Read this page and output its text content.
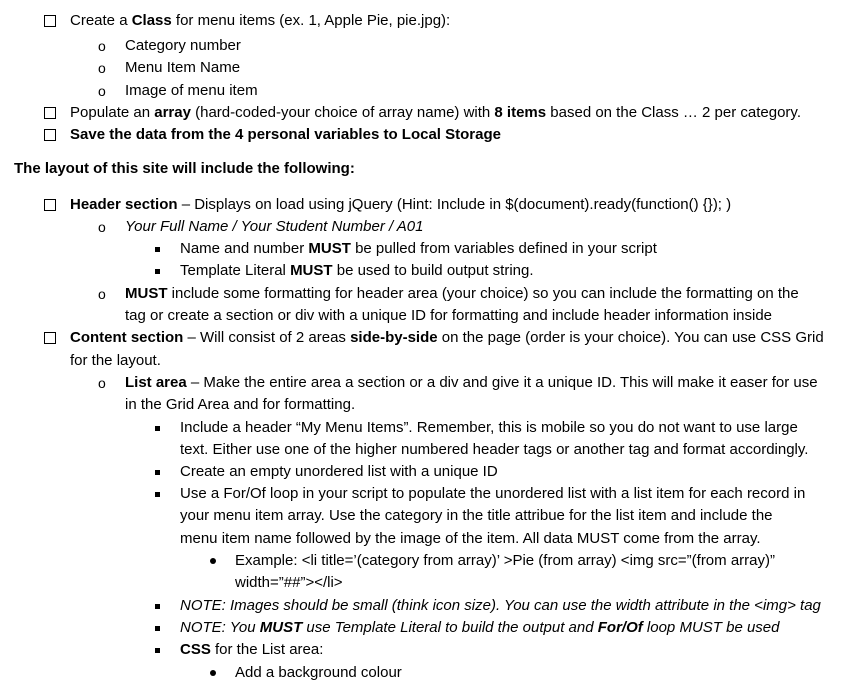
Create a Class for menu items (ex. 1, Apple Pie, pie.jpg):
o Category number
o Menu Item Name
o Image of menu item
Populate an array (hard-coded-your choice of array name) with 8 items based on the Class … 2 per category.
Save the data from the 4 personal variables to Local Storage
The layout of this site will include the following:
Header section – Displays on load using jQuery (Hint: Include in $(document).ready(function() {}); )
o Your Full Name / Your Student Number / A01
Name and number MUST be pulled from variables defined in your script
Template Literal MUST be used to build output string.
o MUST include some formatting for header area (your choice) so you can include the formatting on the
tag or create a section or div with a unique ID for formatting and include header information inside
Content section – Will consist of 2 areas side-by-side on the page (order is your choice). You can use CSS Grid
for the layout.
o List area – Make the entire area a section or a div and give it a unique ID. This will make it easer for use
in the Grid Area and for formatting.
Include a header “My Menu Items”. Remember, this is mobile so you do not want to use large
text. Either use one of the higher numbered header tags or another tag and format accordingly.
Create an empty unordered list with a unique ID
Use a For/Of loop in your script to populate the unordered list with a list item for each record in
your menu item array. Use the category in the title attribue for the list item and include the
menu item name followed by the image of the item. All data MUST come from the array.
Example: <li title=’(category from array)’ >Pie (from array) <img src=”(from array)”
width=”##”></li>
NOTE: Images should be small (think icon size). You can use the width attribute in the <img> tag
NOTE: You MUST use Template Literal to build the output and For/Of loop MUST be used
CSS for the List area:
Add a background colour
